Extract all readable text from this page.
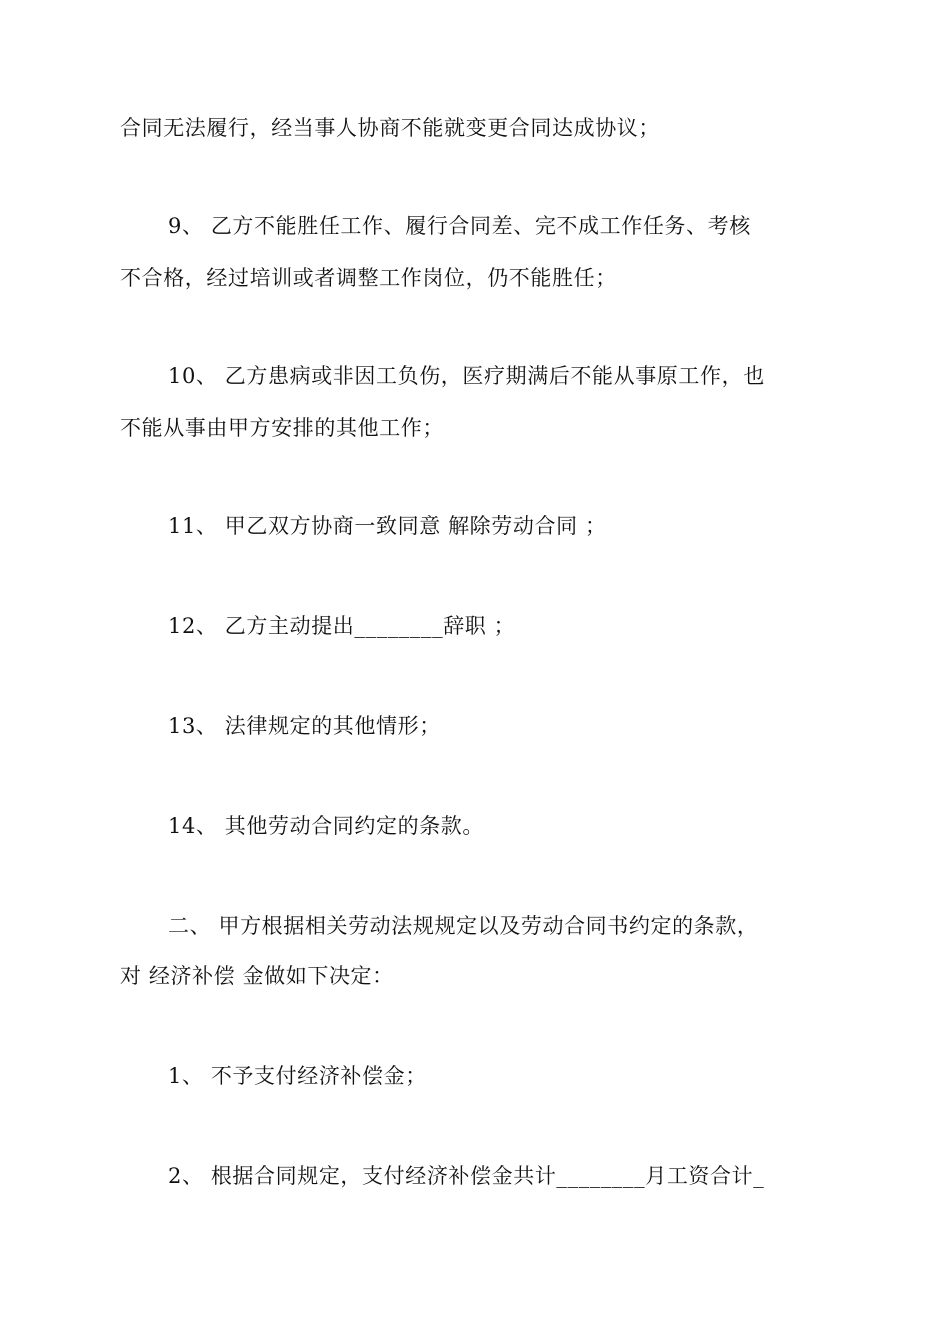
合同无法履行，经当事人协商不能就变更合同达成协议；
9、 乙方不能胜任工作、履行合同差、完不成工作任务、考核
不合格，经过培训或者调整工作岗位，仍不能胜任；
10、 乙方患病或非因工负伤，医疗期满后不能从事原工作，也
不能从事由甲方安排的其他工作；
11、 甲乙双方协商一致同意 解除劳动合同 ；
12、 乙方主动提出________辞职 ；
13、 法律规定的其他情形；
14、 其他劳动合同约定的条款。
二、 甲方根据相关劳动法规规定以及劳动合同书约定的条款，
对 经济补偿 金做如下决定：
1、 不予支付经济补偿金；
2、 根据合同规定，支付经济补偿金共计________月工资合计_
